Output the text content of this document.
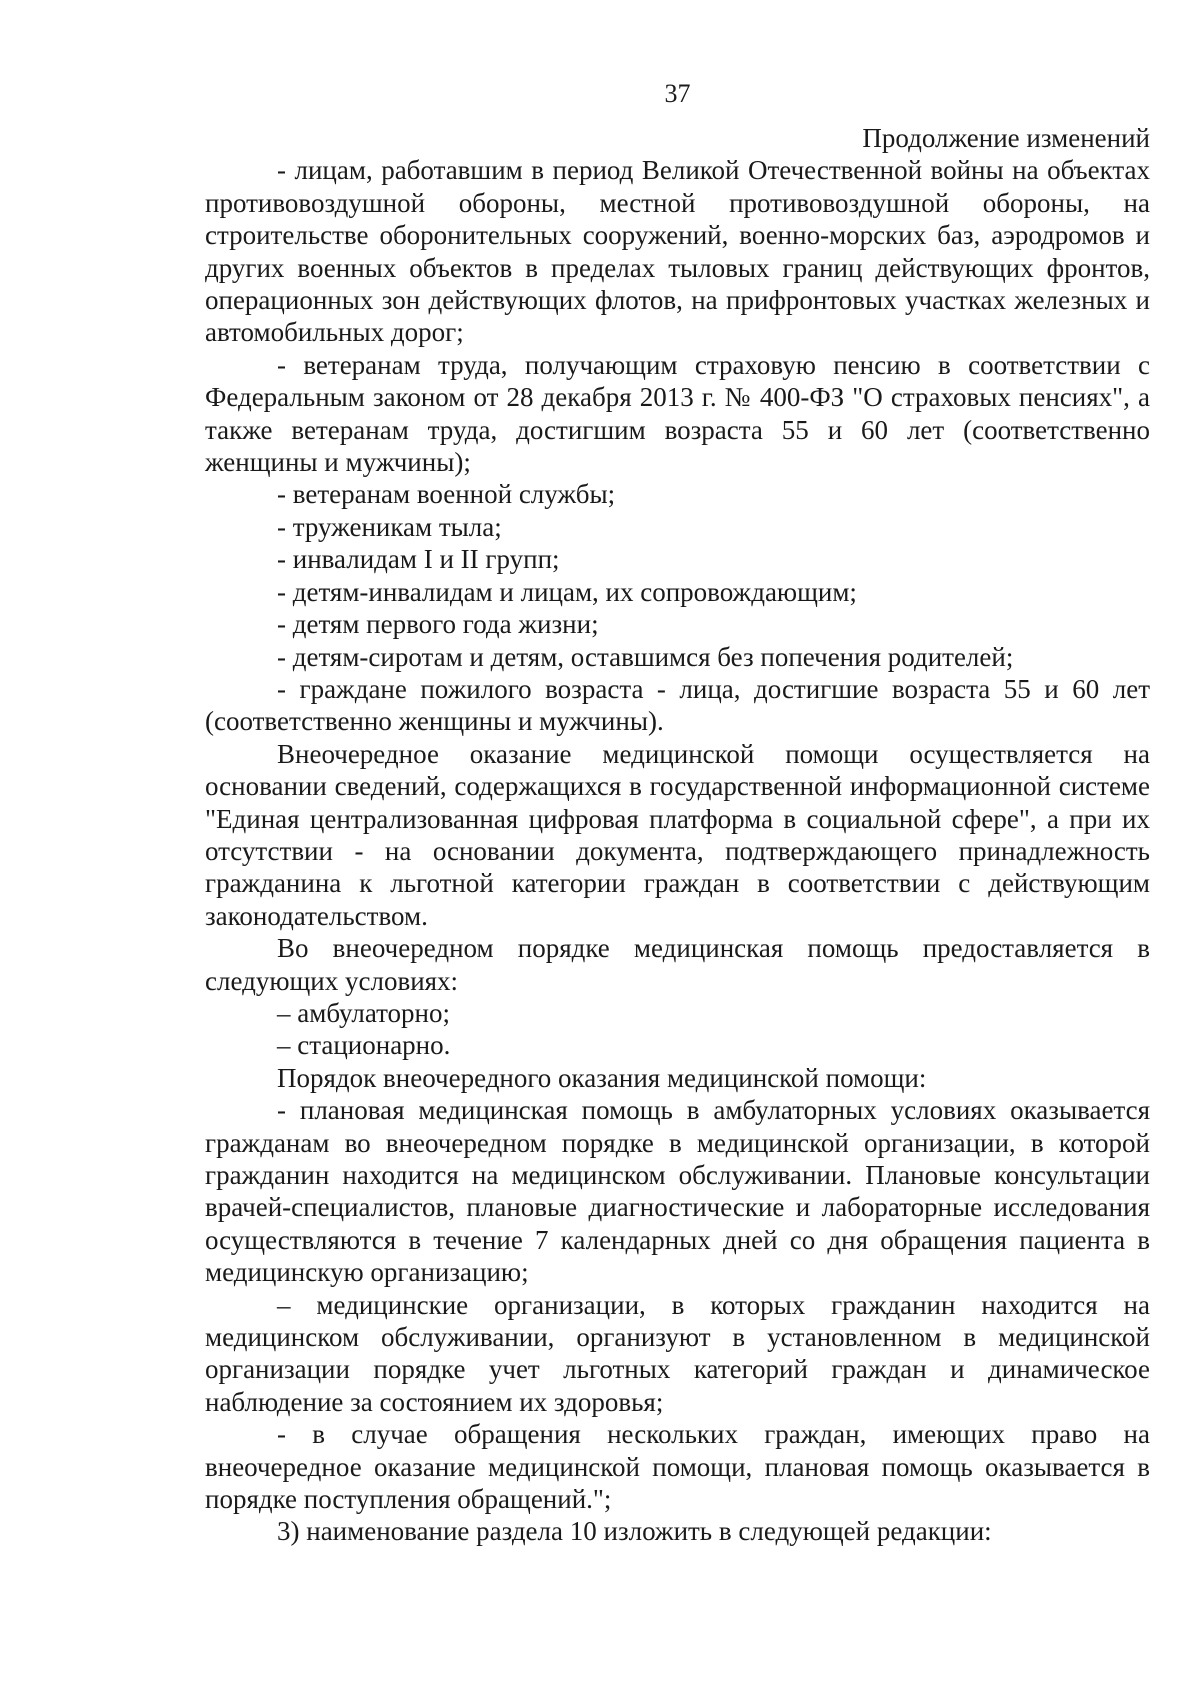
37
Продолжение изменений

- лицам, работавшим в период Великой Отечественной войны на объектах противовоздушной обороны, местной противовоздушной обороны, на строительстве оборонительных сооружений, военно-морских баз, аэродромов и других военных объектов в пределах тыловых границ действующих фронтов, операционных зон действующих флотов, на прифронтовых участках железных и автомобильных дорог;

- ветеранам труда, получающим страховую пенсию в соответствии с Федеральным законом от 28 декабря 2013 г. № 400-ФЗ "О страховых пенсиях", а также ветеранам труда, достигшим возраста 55 и 60 лет (соответственно женщины и мужчины);

- ветеранам военной службы;

- труженикам тыла;

- инвалидам I и II групп;

- детям-инвалидам и лицам, их сопровождающим;

- детям первого года жизни;

- детям-сиротам и детям, оставшимся без попечения родителей;

- граждане пожилого возраста - лица, достигшие возраста 55 и 60 лет (соответственно женщины и мужчины).

Внеочередное оказание медицинской помощи осуществляется на основании сведений, содержащихся в государственной информационной системе "Единая централизованная цифровая платформа в социальной сфере", а при их отсутствии - на основании документа, подтверждающего принадлежность гражданина к льготной категории граждан в соответствии с действующим законодательством.

Во внеочередном порядке медицинская помощь предоставляется в следующих условиях:

– амбулаторно;

– стационарно.

Порядок внеочередного оказания медицинской помощи:

- плановая медицинская помощь в амбулаторных условиях оказывается гражданам во внеочередном порядке в медицинской организации, в которой гражданин находится на медицинском обслуживании. Плановые консультации врачей-специалистов, плановые диагностические и лабораторные исследования осуществляются в течение 7 календарных дней со дня обращения пациента в медицинскую организацию;

– медицинские организации, в которых гражданин находится на медицинском обслуживании, организуют в установленном в медицинской организации порядке учет льготных категорий граждан и динамическое наблюдение за состоянием их здоровья;

- в случае обращения нескольких граждан, имеющих право на внеочередное оказание медицинской помощи, плановая помощь оказывается в порядке поступления обращений.";

3) наименование раздела 10 изложить в следующей редакции:
